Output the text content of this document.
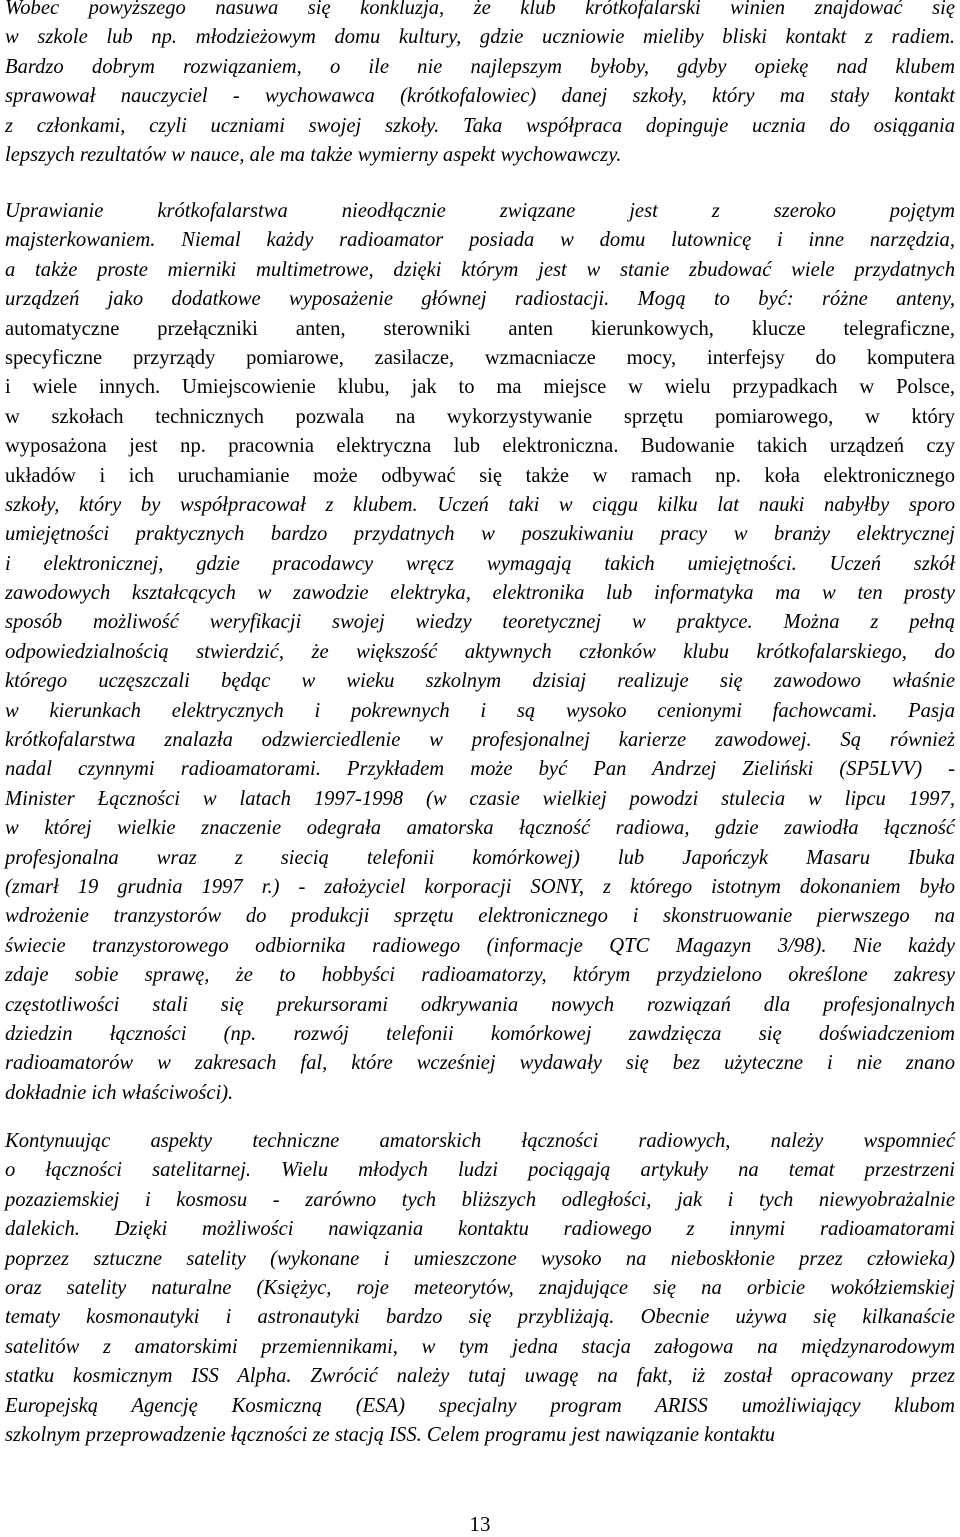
Wobec powyższego nasuwa się konkluzja, że klub krótkofalarski winien znajdować się
w szkole lub np. młodzieżowym domu kultury, gdzie uczniowie mieliby bliski kontakt z radiem.
Bardzo dobrym rozwiązaniem, o ile nie najlepszym byłoby, gdyby opiekę nad klubem
sprawował nauczyciel - wychowawca (krótkofalowiec) danej szkoły, który ma stały kontakt
z członkami, czyli uczniami swojej szkoły. Taka współpraca dopinguje ucznia do osiągania
lepszych rezultatów w nauce, ale ma także wymierny aspekt wychowawczy.
Uprawianie krótkofalarstwa nieodłącznie związane jest z szeroko pojętym
majsterkowaniem. Niemal każdy radioamator posiada w domu lutownicę i inne narzędzia,
a także proste mierniki multimetrowe, dzięki którym jest w stanie zbudować wiele przydatnych
urządzeń jako dodatkowe wyposażenie głównej radiostacji. Mogą to być: różne anteny,
automatyczne przełączniki anten, sterowniki anten kierunkowych, klucze telegraficzne,
specyficzne przyrządy pomiarowe, zasilacze, wzmacniacze mocy, interfejsy do komputera
i wiele innych. Umiejscowienie klubu, jak to ma miejsce w wielu przypadkach w Polsce,
w szkołach technicznych pozwala na wykorzystywanie sprzętu pomiarowego, w który
wyposażona jest np. pracownia elektryczna lub elektroniczna. Budowanie takich urządzeń czy
układów i ich uruchamianie może odbywać się także w ramach np. koła elektronicznego
szkoły, który by współpracował z klubem. Uczeń taki w ciągu kilku lat nauki nabyłby sporo
umiejętności praktycznych bardzo przydatnych w poszukiwaniu pracy w branży elektrycznej
i elektronicznej, gdzie pracodawcy wręcz wymagają takich umiejętności. Uczeń szkół
zawodowych kształcących w zawodzie elektryka, elektronika lub informatyka ma w ten prosty
sposób możliwość weryfikacji swojej wiedzy teoretycznej w praktyce. Można z pełną
odpowiedzialnością stwierdzić, że większość aktywnych członków klubu krótkofalarskiego, do
którego uczęszczali będąc w wieku szkolnym dzisiaj realizuje się zawodowo właśnie
w kierunkach elektrycznych i pokrewnych i są wysoko cenionymi fachowcami. Pasja
krótkofalarstwa znalazła odzwierciedlenie w profesjonalnej karierze zawodowej. Są również
nadal czynnymi radioamatorami. Przykładem może być Pan Andrzej Zieliński (SP5LVV) -
Minister Łączności w latach 1997-1998 (w czasie wielkiej powodzi stulecia w lipcu 1997,
w której wielkie znaczenie odegrała amatorska łączność radiowa, gdzie zawiodła łączność
profesjonalna wraz z siecią telefonii komórkowej) lub Japończyk Masaru Ibuka
(zmarł 19 grudnia 1997 r.) - założyciel korporacji SONY, z którego istotnym dokonaniem było
wdrożenie tranzystorów do produkcji sprzętu elektronicznego i skonstruowanie pierwszego na
świecie tranzystorowego odbiornika radiowego (informacje QTC Magazyn 3/98). Nie każdy
zdaje sobie sprawę, że to hobbyści radioamatorzy, którym przydzielono określone zakresy
częstotliwości stali się prekursorami odkrywania nowych rozwiązań dla profesjonalnych
dziedzin łączności (np. rozwój telefonii komórkowej zawdzięcza się doświadczeniom
radioamatorów w zakresach fal, które wcześniej wydawały się bez użyteczne i nie znano
dokładnie ich właściwości).
Kontynuując aspekty techniczne amatorskich łączności radiowych, należy wspomnieć
o łączności satelitarnej. Wielu młodych ludzi pociągają artykuły na temat przestrzeni
pozaziemskiej i kosmosu - zarówno tych bliższych odległości, jak i tych niewyobrażalnie
dalekich. Dzięki możliwości nawiązania kontaktu radiowego z innymi radioamatorami
poprzez sztuczne satelity (wykonane i umieszczone wysoko na nieboskłonie przez człowieka)
oraz satelity naturalne (Księżyc, roje meteorytów, znajdujące się na orbicie wokółziemskiej
tematy kosmonautyki i astronautyki bardzo się przybliżają. Obecnie używa się kilkanaście
satelitów z amatorskimi przemiennikami, w tym jedna stacja załogowa na międzynarodowym
statku kosmicznym ISS Alpha. Zwrócić należy tutaj uwagę na fakt, iż został opracowany przez
Europejską Agencję Kosmiczną (ESA) specjalny program ARISS umożliwiający klubom
szkolnym przeprowadzenie łączności ze stacją ISS. Celem programu jest nawiązanie kontaktu
13
